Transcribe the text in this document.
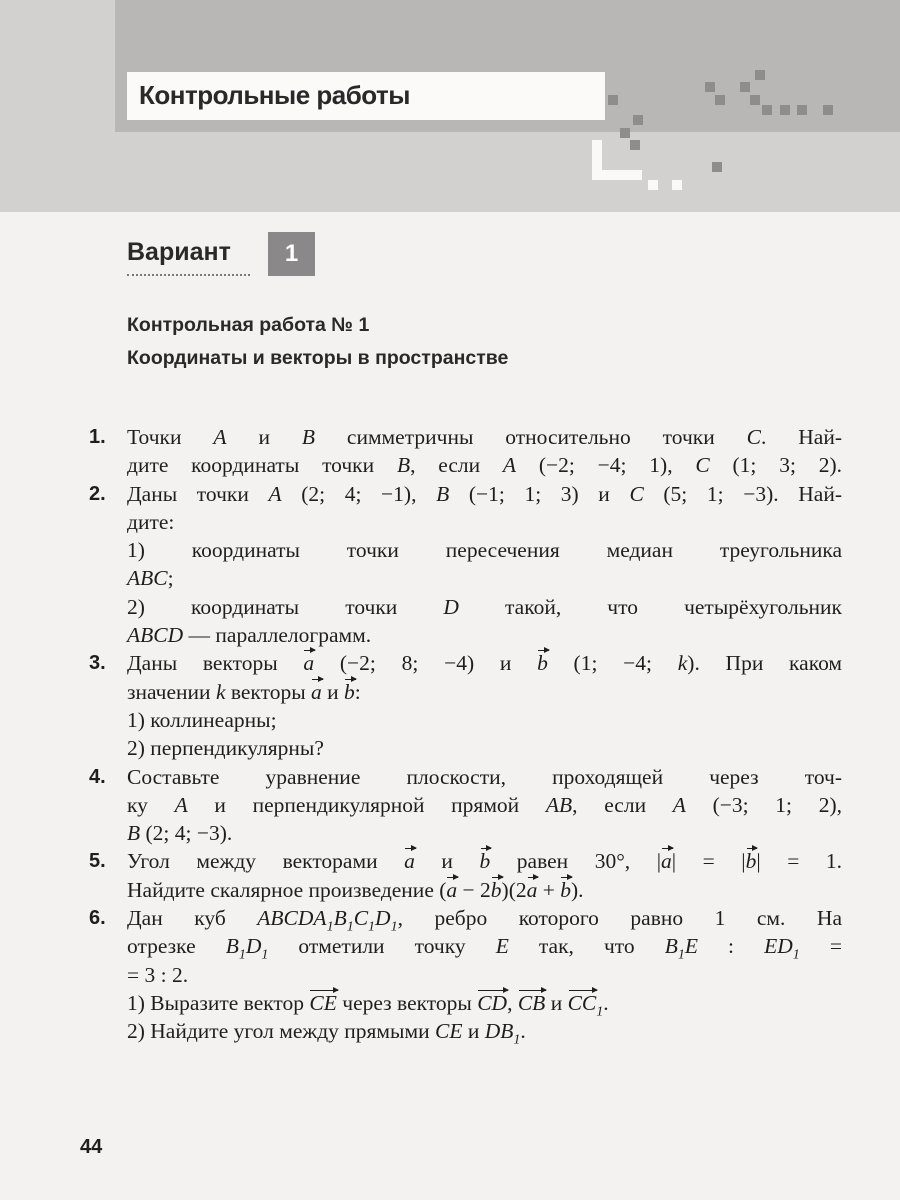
Контрольные работы
Вариант	1
Контрольная работа № 1
Координаты и векторы в пространстве
1. Точки A и B симметричны относительно точки C. Най-
дите координаты точки B, если A (−2; −4; 1), C (1; 3; 2).
2. Даны точки A (2; 4; −1), B (−1; 1; 3) и C (5; 1; −3). Най-
дите:
1) координаты точки пересечения медиан треугольника
ABC;
2) координаты точки D такой, что четырёхугольник
ABCD — параллелограмм.
3. Даны векторы a (−2; 8; −4) и b (1; −4; k). При каком
значении k векторы a и b:
1) коллинеарны;
2) перпендикулярны?
4. Составьте уравнение плоскости, проходящей через точ-
ку A и перпендикулярной прямой AB, если A (−3; 1; 2),
B (2; 4; −3).
5. Угол между векторами a и b равен 30°, |a| = |b| = 1.
Найдите скалярное произведение (a − 2b)(2a + b).
6. Дан куб $ABCDA_1B_1C_1D_1$, ребро которого равно 1 см. На
отрезке $B_1D_1$ отметили точку E так, что $B_1E$ : $ED_1$ =
= 3 : 2.
1) Выразите вектор CE через векторы CD, CB и $CC_1$.
2) Найдите угол между прямыми CE и $DB_1$.
44
